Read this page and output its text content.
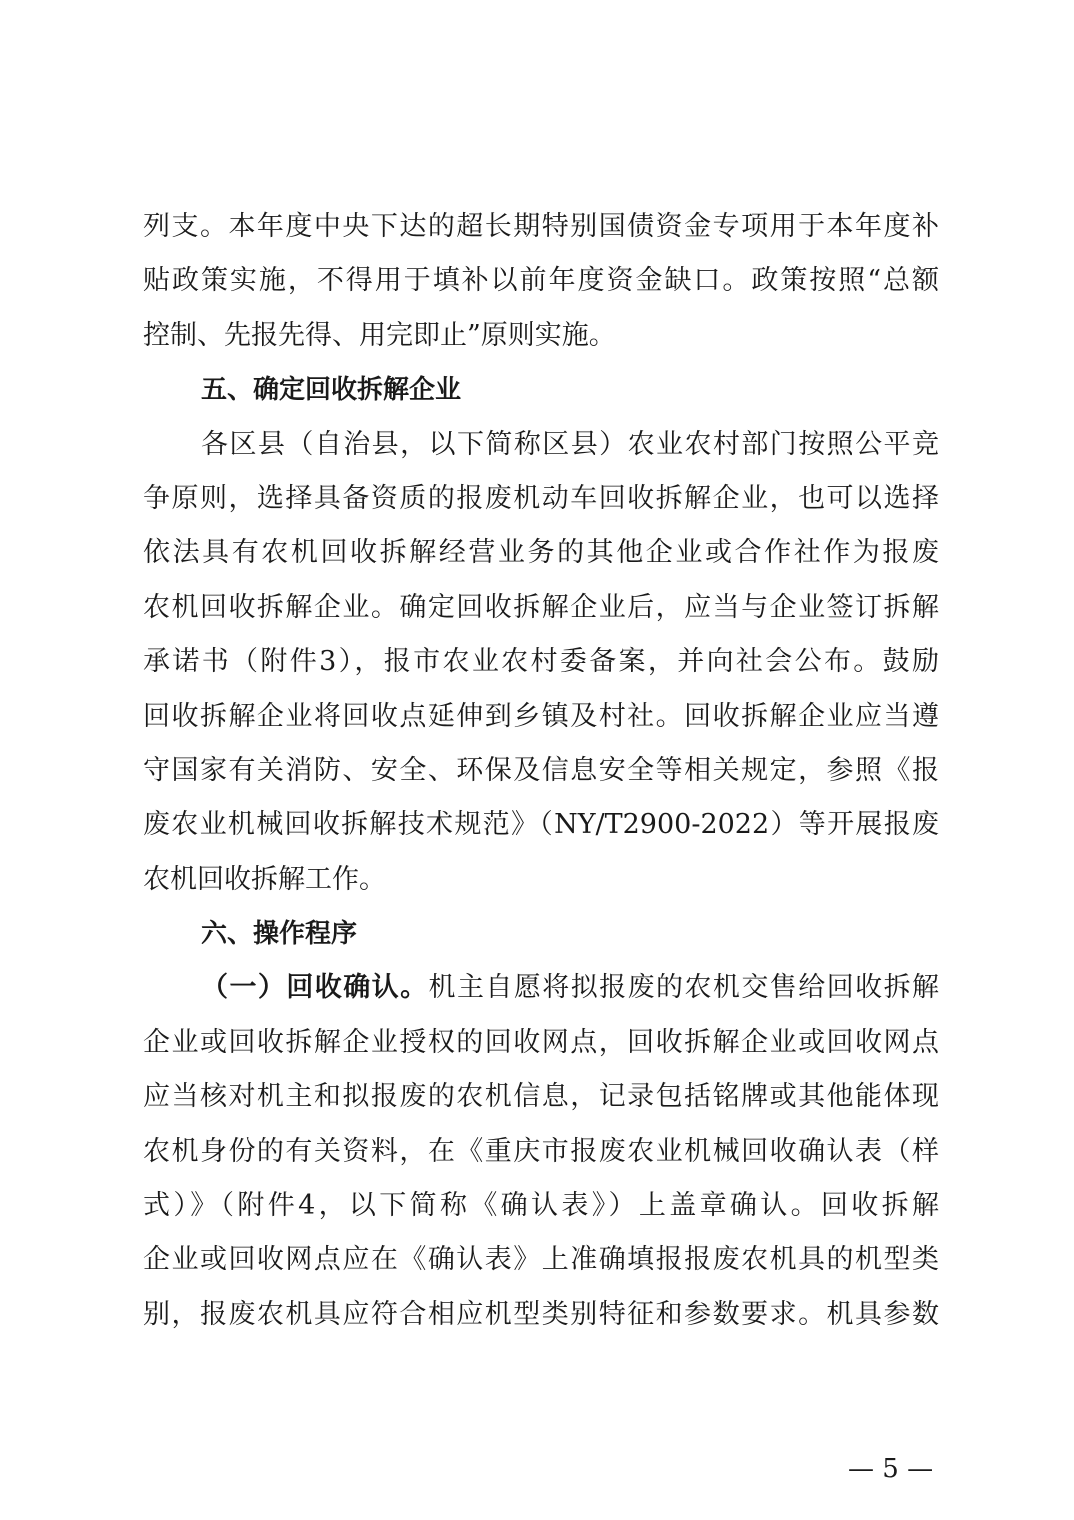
列支。本年度中央下达的超长期特别国债资金专项用于本年度补
贴政策实施，不得用于填补以前年度资金缺口。政策按照“总额
控制、先报先得、用完即止”原则实施。
五、确定回收拆解企业
各区县（自治县，以下简称区县）农业农村部门按照公平竞
争原则，选择具备资质的报废机动车回收拆解企业，也可以选择
依法具有农机回收拆解经营业务的其他企业或合作社作为报废
农机回收拆解企业。确定回收拆解企业后，应当与企业签订拆解
承诺书（附件3），报市农业农村委备案，并向社会公布。鼓励
回收拆解企业将回收点延伸到乡镇及村社。回收拆解企业应当遵
守国家有关消防、安全、环保及信息安全等相关规定，参照《报
废农业机械回收拆解技术规范》（NY/T2900-2022）等开展报废
农机回收拆解工作。
六、操作程序
（一）回收确认。机主自愿将拟报废的农机交售给回收拆解
企业或回收拆解企业授权的回收网点，回收拆解企业或回收网点
应当核对机主和拟报废的农机信息，记录包括铭牌或其他能体现
农机身份的有关资料，在《重庆市报废农业机械回收确认表（样
式）》（附件4，以下简称《确认表》）上盖章确认。回收拆解
企业或回收网点应在《确认表》上准确填报报废农机具的机型类
别，报废农机具应符合相应机型类别特征和参数要求。机具参数
— 5 —
